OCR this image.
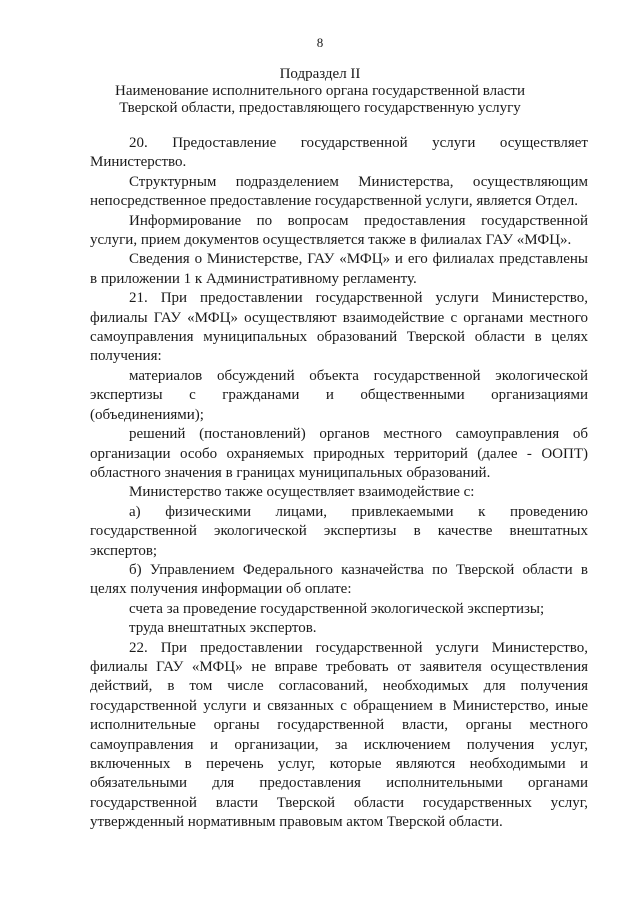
8
Подраздел II
Наименование исполнительного органа государственной власти
Тверской области, предоставляющего государственную услугу

20. Предоставление государственной услуги осуществляет Министерство.

Структурным подразделением Министерства, осуществляющим непосредственное предоставление государственной услуги, является Отдел.

Информирование по вопросам предоставления государственной услуги, прием документов осуществляется также в филиалах ГАУ «МФЦ».

Сведения о Министерстве, ГАУ «МФЦ» и его филиалах представлены в приложении 1 к Административному регламенту.

21. При предоставлении государственной услуги Министерство, филиалы ГАУ «МФЦ» осуществляют взаимодействие с органами местного самоуправления муниципальных образований Тверской области в целях получения:

материалов обсуждений объекта государственной экологической экспертизы с гражданами и общественными организациями (объединениями);

решений (постановлений) органов местного самоуправления об организации особо охраняемых природных территорий (далее - ООПТ) областного значения в границах муниципальных образований.

Министерство также осуществляет взаимодействие с:

а) физическими лицами, привлекаемыми к проведению государственной экологической экспертизы в качестве внештатных экспертов;

б) Управлением Федерального казначейства по Тверской области в целях получения информации об оплате:

счета за проведение государственной экологической экспертизы;

труда внештатных экспертов.

22. При предоставлении государственной услуги Министерство, филиалы ГАУ «МФЦ» не вправе требовать от заявителя осуществления действий, в том числе согласований, необходимых для получения государственной услуги и связанных с обращением в Министерство, иные исполнительные органы государственной власти, органы местного самоуправления и организации, за исключением получения услуг, включенных в перечень услуг, которые являются необходимыми и обязательными для предоставления исполнительными органами государственной власти Тверской области государственных услуг, утвержденный нормативным правовым актом Тверской области.
